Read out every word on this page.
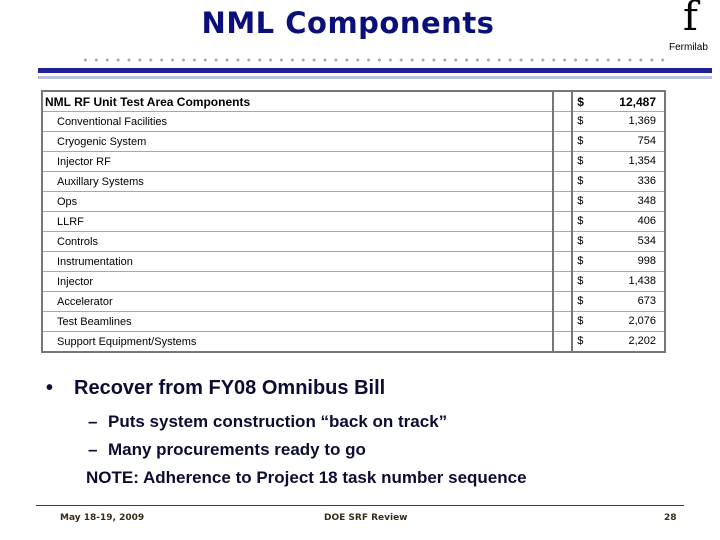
NML Components	f
Fermilab
NML RF Unit Test Area Components		$ 12,487

Conventional Facilities		$ 1,369

Cryogenic System		$ 754

Injector RF		$ 1,354

Auxillary Systems		$ 336

Ops		$ 348

LLRF		$ 406

Controls		$ 534

Instrumentation		$ 998

Injector		$ 1,438

Accelerator		$ 673

Test Beamlines		$ 2,076

Support Equipment/Systems		$ 2,202
• Recover from FY08 Omnibus Bill
– Puts system construction “back on track”
– Many procurements ready to go
NOTE: Adherence to Project 18 task number sequence
May 18-19, 2009	DOE SRF Review	28
